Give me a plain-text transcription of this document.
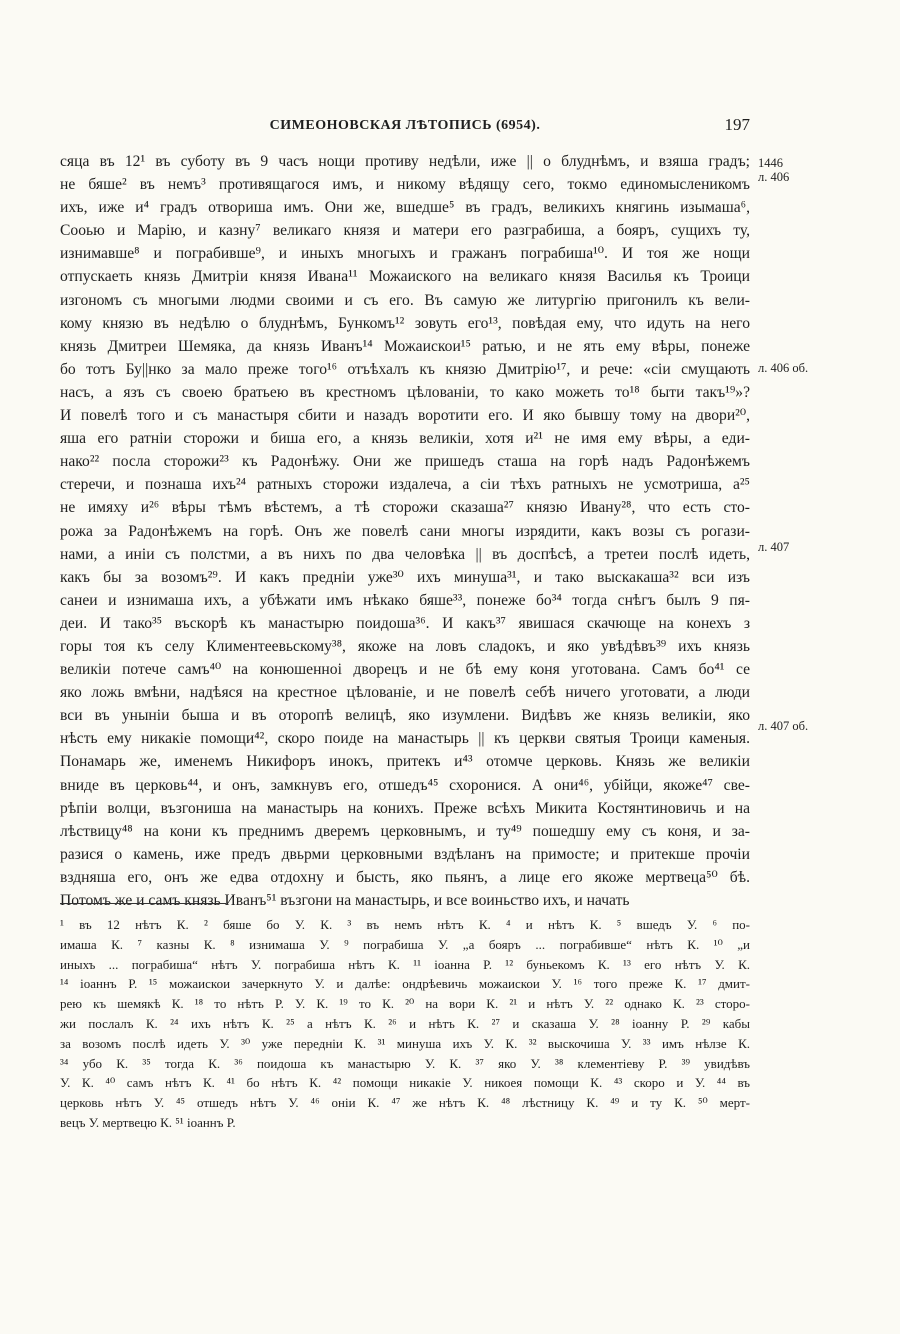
СИМЕОНОВСКАЯ ЛѢТОПИСЬ (6954).	197
сяца въ 12¹ въ суботу въ 9 часъ нощи противу недѣли, иже || о блуднѣмъ, и взяша градъ;
не бяше² въ немъ³ противящагося имъ, и никому вѣдящу сего, токмо единомысленикомъ
ихъ, иже и⁴ градъ отвориша имъ. Они же, вшедше⁵ въ градъ, великихъ княгинь изымаша⁶,
Сооью и Марію, и казну⁷ великаго князя и матери его разграбиша, а бояръ, сущихъ ту,
изнимавше⁸ и пограбивше⁹, и иныхъ многыхъ и гражанъ пограбиша¹⁰. И тоя же нощи
отпускаеть князь Дмитріи князя Ивана¹¹ Можаиского на великаго князя Василья къ Троици
изгономъ съ многыми людми своими и съ его. Въ самую же литургію пригонилъ къ вели-
кому князю въ недѣлю о блуднѣмъ, Бункомъ¹² зовуть его¹³, повѣдая ему, что идуть на него
князь Дмитреи Шемяка, да князь Иванъ¹⁴ Можаискои¹⁵ ратью, и не ять ему вѣры, понеже
бо тотъ Бу||нко за мало преже того¹⁶ отъѣхалъ къ князю Дмитрію¹⁷, и рече: «сіи смущають
насъ, а язъ съ своею братьею въ крестномъ цѣлованіи, то како можеть то¹⁸ быти такъ¹⁹»?
И повелѣ того и съ манастыря сбити и назадъ воротити его. И яко бывшу тому на двори²⁰,
яша его ратніи сторожи и биша его, а князь великіи, хотя и²¹ не имя ему вѣры, а еди-
нако²² посла сторожи²³ къ Радонѣжу. Они же пришедъ сташа на горѣ надъ Радонѣжемъ
стеречи, и познаша ихъ²⁴ ратныхъ сторожи издалеча, а сіи тѣхъ ратныхъ не усмотриша, а²⁵
не имяху и²⁶ вѣры тѣмъ вѣстемъ, а тѣ сторожи сказаша²⁷ князю Ивану²⁸, что есть сто-
рожа за Радонѣжемъ на горѣ. Онъ же повелѣ сани многы изрядити, какъ возы съ рогази-
нами, а иніи съ полстми, а въ нихъ по два человѣка || въ доспѣсѣ, а третеи послѣ идеть,
какъ бы за возомъ²⁹. И какъ предніи уже³⁰ ихъ минуша³¹, и тако выскакаша³² вси изъ
санеи и изнимаша ихъ, а убѣжати имъ нѣкако бяше³³, понеже бо³⁴ тогда снѣгъ былъ 9 пя-
деи. И тако³⁵ въскорѣ къ манастырю поидоша³⁶. И какъ³⁷ явишася скачюще на конехъ з
горы тоя къ селу Климентеевьскому³⁸, якоже на ловъ сладокъ, и яко увѣдѣвъ³⁹ ихъ князь
великіи потече самъ⁴⁰ на конюшенноі дворецъ и не бѣ ему коня уготована. Самъ бо⁴¹ се
яко ложь вмѣни, надѣяся на крестное цѣлованіе, и не повелѣ себѣ ничего уготовати, а люди
вси въ уныніи быша и въ оторопѣ велицѣ, яко изумлени. Видѣвъ же князь великіи, яко
нѣсть ему никакіе помощи⁴², скоро поиде на манастырь || къ церкви святыя Троици каменыя.
Понамарь же, именемъ Никифоръ инокъ, притекъ и⁴³ отомче церковь. Князь же великіи
вниде въ церковь⁴⁴, и онъ, замкнувъ его, отшедъ⁴⁵ схоронися. А они⁴⁶, убійци, якоже⁴⁷ све-
рѣпіи волци, възгониша на манастырь на конихъ. Преже всѣхъ Микита Костянтиновичь и на
лѣствицу⁴⁸ на кони къ преднимъ дверемъ церковнымъ, и ту⁴⁹ пошедшу ему съ коня, и за-
разися о камень, иже предъ двьрми церковными вздѣланъ на примосте; и притекше прочіи
вздняша его, онъ же едва отдохну и бысть, яко пьянъ, а лице его якоже мертвеца⁵⁰ бѣ.
Потомъ же и самъ князь Иванъ⁵¹ възгони на манастырь, и все воиньство ихъ, и начать
1446
л. 406
л. 406 об.
л. 407
л. 407 об.
¹ въ 12 нѣтъ К. ² бяше бо У. К. ³ въ немъ нѣтъ К. ⁴ и нѣтъ К. ⁵ вшедъ У. ⁶ по-
имаша К. ⁷ казны К. ⁸ изнимаша У. ⁹ пограбиша У. „а бояръ ... пограбивше“ нѣтъ К. ¹⁰ „и
иныхъ ... пограбиша“ нѣтъ У. пограбиша нѣтъ К. ¹¹ іоанна Р. ¹² буньекомъ К. ¹³ его нѣтъ У. К.
¹⁴ іоаннъ Р. ¹⁵ можаискои зачеркнуто У. и далѣе: ондрѣевичь можаискои У. ¹⁶ того преже К. ¹⁷ дмит-
рею къ шемякѣ К. ¹⁸ то нѣтъ Р. У. К. ¹⁹ то К. ²⁰ на вори К. ²¹ и нѣтъ У. ²² однако К. ²³ сторо-
жи послалъ К. ²⁴ ихъ нѣтъ К. ²⁵ а нѣтъ К. ²⁶ и нѣтъ К. ²⁷ и сказаша У. ²⁸ іоанну Р. ²⁹ кабы
за возомъ послѣ идеть У. ³⁰ уже передніи К. ³¹ минуша ихъ У. К. ³² выскочиша У. ³³ имъ нѣлзе К.
³⁴ убо К. ³⁵ тогда К. ³⁶ поидоша къ манастырю У. К. ³⁷ яко У. ³⁸ клементіеву Р. ³⁹ увидѣвъ
У. К. ⁴⁰ самъ нѣтъ К. ⁴¹ бо нѣтъ К. ⁴² помощи никакіе У. никоея помощи К. ⁴³ скоро и У. ⁴⁴ въ
церковь нѣтъ У. ⁴⁵ отшедъ нѣтъ У. ⁴⁶ оніи К. ⁴⁷ же нѣтъ К. ⁴⁸ лѣстницу К. ⁴⁹ и ту К. ⁵⁰ мерт-
вецъ У. мертвецю К. ⁵¹ іоаннъ Р.
